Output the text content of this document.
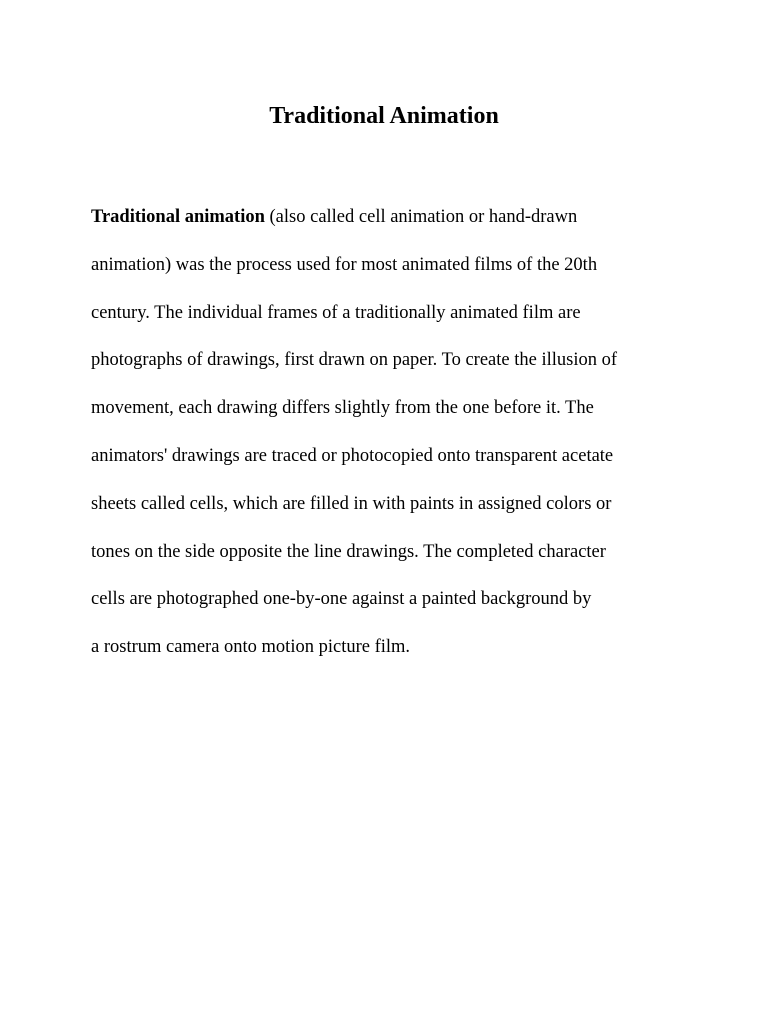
Traditional Animation
Traditional animation (also called cell animation or hand-drawn
animation) was the process used for most animated films of the 20th
century. The individual frames of a traditionally animated film are
photographs of drawings, first drawn on paper. To create the illusion of
movement, each drawing differs slightly from the one before it. The
animators' drawings are traced or photocopied onto transparent acetate
sheets called cells, which are filled in with paints in assigned colors or
tones on the side opposite the line drawings. The completed character
cells are photographed one-by-one against a painted background by
a rostrum camera onto motion picture film.
